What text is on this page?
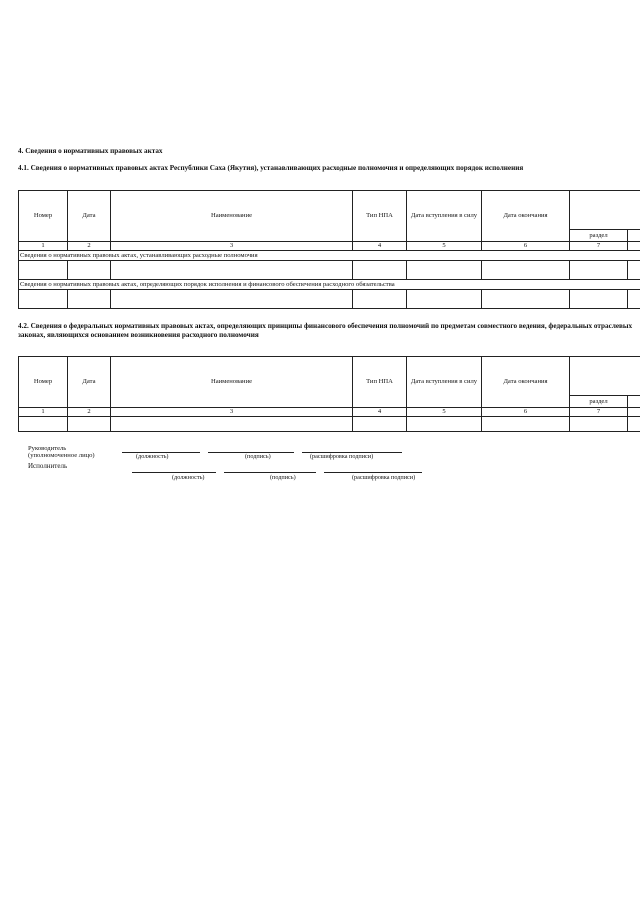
4. Сведения о нормативных правовых актах
4.1. Сведения о нормативных правовых актах Республики Саха (Якутия), устанавливающих расходные полномочия и определяющих порядок исполнения
Номер	Дата	Наименование	Тип НПА	Дата вступления в силу	Дата окончания		
						раздел	
1	2	3	4	5	6	7	
Сведения о нормативных правовых актах, устанавливающих расходные полномочия							

Сведения о нормативных правовых актах, определяющих порядок исполнения и финансового обеспечения расходного обязательства							

4.2. Сведения о федеральных нормативных правовых актах, определяющих принципы финансового обеспечения полномочий по предметам совместного ведения, федеральных отраслевых законах, являющихся основанием возникновения расходного полномочия
Номер	Дата	Наименование	Тип НПА	Дата вступления в силу	Дата окончания		
						раздел	
1	2	3	4	5	6	7	

Руководитель
(уполномоченное лицо)	(должность)	(подпись)	(расшифровка подписи)
Исполнитель
(должность)	(подпись)	(расшифровка подписи)
